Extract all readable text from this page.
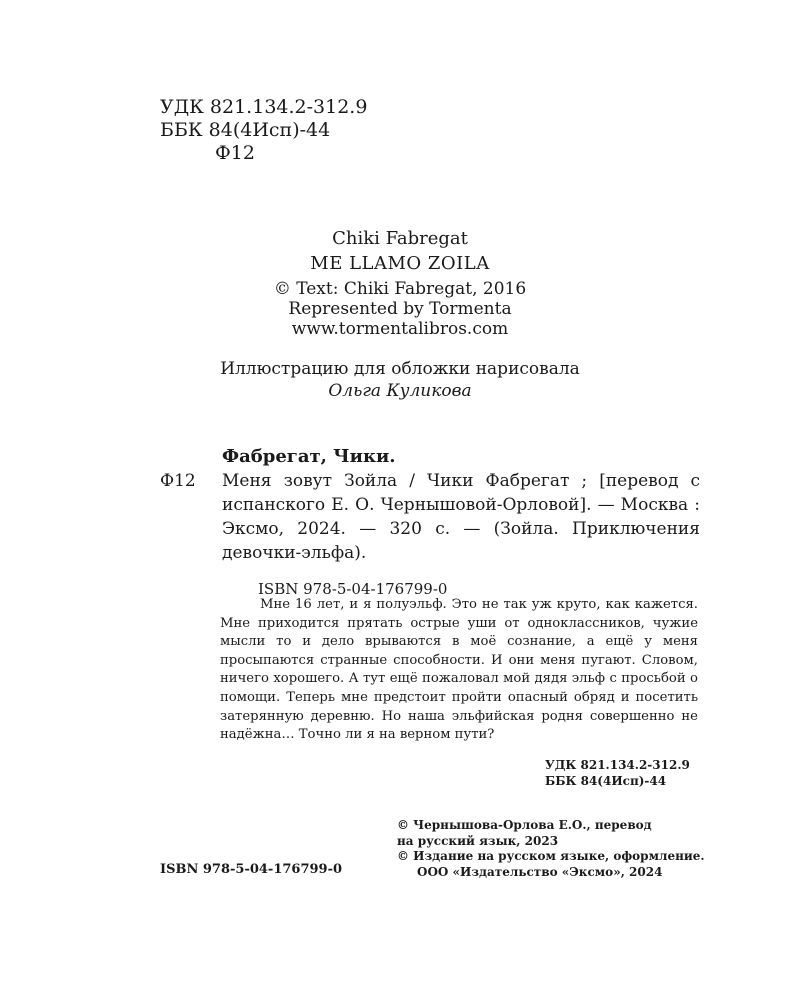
УДК 821.134.2-312.9
ББК 84(4Исп)-44
Ф12
Chiki Fabregat
ME LLAMO ZOILA
© Text: Chiki Fabregat, 2016
Represented by Tormenta
www.tormentalibros.com
Иллюстрацию для обложки нарисовала
Ольга Куликова
Фабрегат, Чики.
Ф12 Меня зовут Зойла / Чики Фабрегат ; [перевод с испанского Е. О. Чернышовой-Орловой]. — Москва : Эксмо, 2024. — 320 с. — (Зойла. Приключения девочки-эльфа).
ISBN 978-5-04-176799-0

Мне 16 лет, и я полуэльф. Это не так уж круто, как кажется. Мне приходится прятать острые уши от одноклассников, чужие мысли то и дело врываются в моё сознание, а ещё у меня просыпаются странные способности. И они меня пугают. Словом, ничего хорошего. А тут ещё пожаловал мой дядя эльф с просьбой о помощи. Теперь мне предстоит пройти опасный обряд и посетить затерянную деревню. Но наша эльфийская родня совершенно не надёжна… Точно ли я на верном пути?

УДК 821.134.2-312.9
ББК 84(4Исп)-44
© Чернышова-Орлова Е.О., перевод
на русский язык, 2023
© Издание на русском языке, оформление.
ООО «Издательство «Эксмо», 2024
ISBN 978-5-04-176799-0
